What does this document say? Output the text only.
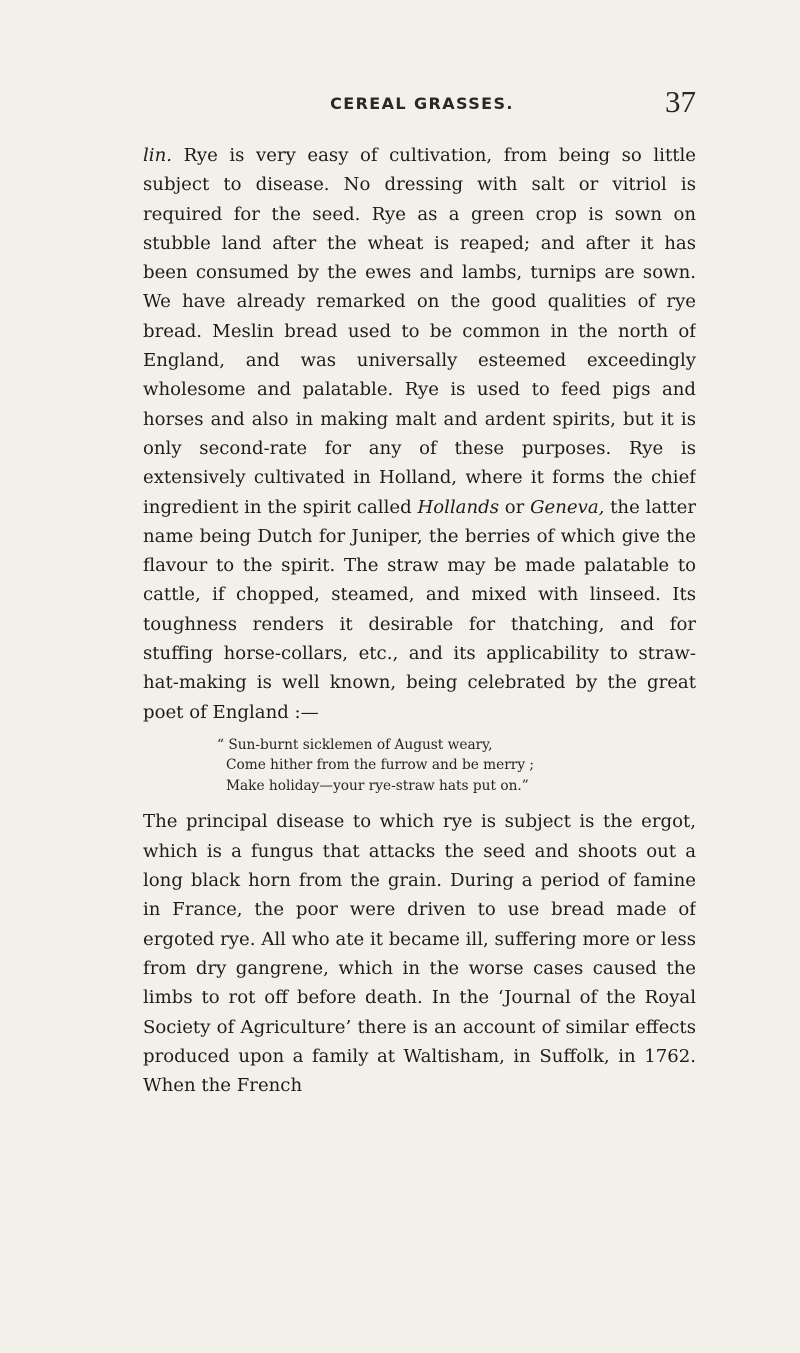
CEREAL GRASSES.	37

lin. Rye is very easy of cultivation, from being so little subject to disease. No dressing with salt or vitriol is required for the seed. Rye as a green crop is sown on stubble land after the wheat is reaped; and after it has been consumed by the ewes and lambs, turnips are sown. We have already remarked on the good qualities of rye bread. Meslin bread used to be common in the north of England, and was universally esteemed exceedingly wholesome and palatable. Rye is used to feed pigs and horses and also in making malt and ardent spirits, but it is only second-rate for any of these purposes. Rye is extensively cultivated in Holland, where it forms the chief ingredient in the spirit called Hollands or Geneva, the latter name being Dutch for Juniper, the berries of which give the flavour to the spirit. The straw may be made palatable to cattle, if chopped, steamed, and mixed with linseed. Its toughness renders it desirable for thatching, and for stuffing horse-collars, etc., and its applicability to straw-hat-making is well known, being celebrated by the great poet of England :—

“ Sun-burnt sicklemen of August weary,
Come hither from the furrow and be merry ;
Make holiday—your rye-straw hats put on.”

The principal disease to which rye is subject is the ergot, which is a fungus that attacks the seed and shoots out a long black horn from the grain. During a period of famine in France, the poor were driven to use bread made of ergoted rye. All who ate it became ill, suffering more or less from dry gangrene, which in the worse cases caused the limbs to rot off before death. In the ‘Journal of the Royal Society of Agriculture’ there is an account of similar effects produced upon a family at Waltisham, in Suffolk, in 1762. When the French
